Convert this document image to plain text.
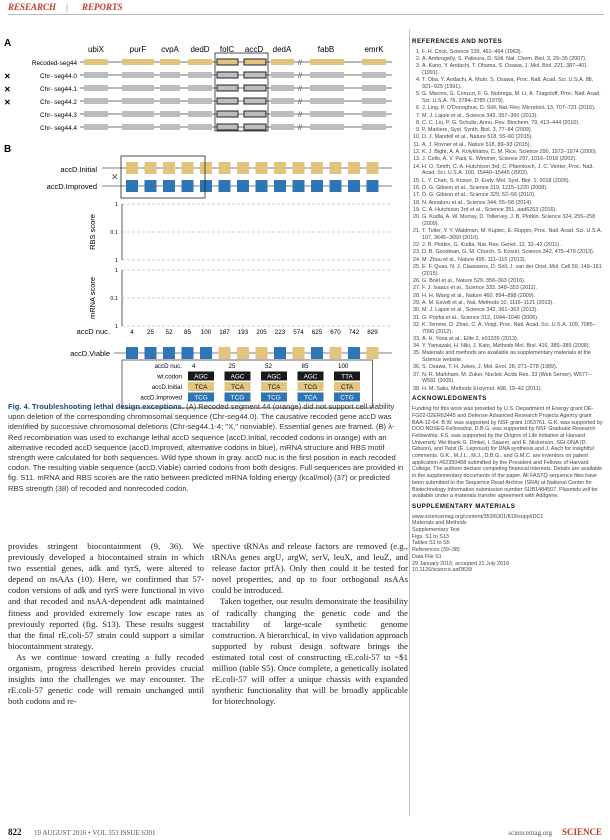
RESEARCH | REPORTS
A
ubiX	purF cvpA dedD folC accD dedA	fabB	emrK
Recoded-seg44	//
Chr- seg44.0
✕	//
Chr- seg44.1
✕	//
Chr- seg44.2
✕	//
Chr- seg44.3	//
Chr- seg44.4	//
B
accD.Initial
accD.Improved
✕
RBS score
1
0.1
1
mRNA score
1
0.1
1
accD nuc.	4 25 52 85 100 187 193 205 223 574 625 670 742 829
accD.Viable
accD nuc. 4	25	52	85	100
wt.codon AGC	AGC	AGC	AGC	TTA
accD.Initial TCA	TCA	TCA	TCG	CTA
accD.Improved TCG	TCG	TCG	TCA	CTG
Fig. 4. Troubleshooting lethal design exceptions. (A) Recoded segment 44 (orange) did not support cell viability upon deletion of the corresponding chromosomal sequence (Chr-seg44.0). The causative recoded gene accD was identified by successive chromosomal deletions (Chr-seg44.1-4; "X," nonviable). Essential genes are framed. (B) λ-Red recombination was used to exchange lethal accD sequence (accD.Initial, recoded codons in orange) with an alternative recoded accD sequence (accD.Improved, alternative codons in blue), mRNA structure and RBS motif strength were calculated for both sequences. Wild type shown in gray. accD nuc is the first position in each recoded codon. The resulting viable sequence (accD.Viable) carried codons from both designs. Full sequences are provided in fig. S11. mRNA and RBS scores are the ratio between predicted mRNA folding energy (kcal/mol) (37) or predicted RBS strength (38) of recoded and nonrecoded codon.

provides stringent biocontainment (9, 36). We previously developed a biocontained strain in which two essential genes, adk and tyrS, were altered to depend on nsAAs (10). Here, we confirmed that 57-codon versions of adk and tyrS were functional in vivo and that recoded and nsAA-dependent adk maintained fitness and provided extremely low escape rates as previously reported (fig. S13). These results suggest that the final rE.coli-57 strain could support a similar biocontainment strategy.

As we continue toward creating a fully recoded organism, progress described herein provides crucial insights into the challenges we may encounter. The rE.coli-57 genetic code will remain unchanged until both codons and re-

spective tRNAs and release factors are removed (e.g., tRNAs genes argU, argW, serV, leuX, and leuZ, and release factor prfA). Only then could it be tested for novel properties, and up to four orthogonal nsAAs could be introduced.

Taken together, our results demonstrate the feasibility of radically changing the genetic code and the tractability of large-scale synthetic genome construction. A hierarchical, in vivo validation approach supported by robust design software brings the estimated total cost of constructing rE.coli-57 to ~$1 million (table S5). Once complete, a genetically isolated rE.coli-57 will offer a unique chassis with expanded synthetic functionality that will be broadly applicable for biotechnology.

REFERENCES AND NOTES
1. F. H. Crick, Science 139, 461–464 (1963).
2. A. Ambrogelly, S. Palioura, D. Söll, Nat. Chem. Biol. 3, 29–35 (2007).
3. A. Kano, Y. Andachi, T. Ohama, S. Osawa, J. Mol. Biol. 221, 387–401 (1991).
4. T. Oba, Y. Andachi, A. Muto, S. Osawa, Proc. Natl. Acad. Sci. U.S.A. 88, 921–925 (1991).
5. G. Macino, G. Coruzzi, F. G. Nobrega, M. Li, A. Tzagoloff, Proc. Natl. Acad. Sci. U.S.A. 76, 3784–3785 (1979).
6. J. Ling, P. O'Donoghue, D. Söll, Nat. Rev. Microbiol. 13, 707–721 (2015).
7. M. J. Lajoie et al., Science 342, 357–360 (2013).
8. C. C. Liu, P. G. Schultz, Annu. Rev. Biochem. 79, 413–444 (2010).
9. P. Marliere, Syst. Synth. Biol. 3, 77–84 (2009).
10. D. J. Mandell et al., Nature 518, 55–60 (2015).
11. A. J. Rovner et al., Nature 518, 89–93 (2015).
12. K. J. Bight, A. A. Kolykhalov, C. M. Rice, Science 290, 1972–1974 (2000).
13. J. Cello, A. V. Paul, E. Wimmer, Science 297, 1016–1018 (2002).
14. H. O. Smith, C. A. Hutchison 3rd, C. Pfannkoch, J. C. Venter, Proc. Natl. Acad. Sci. U.S.A. 100, 15440–15445 (2003).
15. L. Y. Chan, S. Kosuri, D. Endy, Mol. Syst. Biol. 1, 0018 (2005).
16. D. G. Gibson et al., Science 319, 1215–1220 (2008).
17. D. G. Gibson et al., Science 329, 52–56 (2010).
18. N. Annaluru et al., Science 344, 55–58 (2014).
19. C. A. Hutchison 3rd et al., Science 351, aad6253 (2016).
20. G. Kudla, A. W. Murray, D. Tollervey, J. B. Plotkin, Science 324, 255–258 (2009).
21. T. Tuller, Y. Y. Waldman, M. Kupiec, E. Ruppin, Proc. Natl. Acad. Sci. U.S.A. 107, 3645–3650 (2010).
22. J. B. Plotkin, G. Kudla, Nat. Rev. Genet. 12, 32–42 (2011).
23. D. B. Goodman, G. M. Church, S. Kosuri, Science 342, 475–479 (2013).
24. M. Zhou et al., Nature 495, 111–115 (2013).
25. E. F. Quax, N. J. Claassens, D. Söll, J. van der Oost, Mol. Cell 59, 149–161 (2015).
26. G. Boël et al., Nature 529, 358–363 (2016).
27. F. J. Isaacs et al., Science 333, 348–353 (2011).
28. H. H. Wang et al., Nature 460, 894–898 (2009).
29. A. M. Esvelt et al., Nat. Methods 10, 1116–1121 (2013).
30. M. J. Lajoie et al., Science 342, 361–363 (2013).
31. G. Pósfai et al., Science 312, 1044–1046 (2006).
32. K. Temme, D. Zhao, C. A. Voigt, Proc. Natl. Acad. Sci. U.S.A. 109, 7085–7090 (2012).
33. A. H. Yona et al., Elife 2, e01339 (2013).
34. Y. Yamazaki, H. Niki, J. Kato, Methods Mol. Biol. 416, 385–389 (2008).
35. Materials and methods are available as supplementary materials at the Science website.
36. S. Osawa, T. H. Jukes, J. Mol. Evol. 28, 271–278 (1989).
37. N. R. Markham, M. Zuker, Nucleic Acids Res. 33 (Web Server), W577–W581 (2005).
38. H. M. Salis, Methods Enzymol. 498, 19–42 (2011).
ACKNOWLEDGMENTS

Funding for this work was provided by U.S. Department of Energy grant DE-FG02-02ER63445 and Defense Advanced Research Projects Agency grant BAA-12-64. B.W. was supported by NSF grant 1063761. G.K. was supported by DOD NDSEG Fellowship. D.B.G. was supported by NSF Graduate Research Fellowship. F.S. was supported by the Origins of Life Initiative at Harvard University. We thank G. Dinkel, I. Saaem, and E. Nickerson, SGI-DNA (D. Gibson), and Twist (E. Leproust) for DNA synthesis and J. Aach for insightful comments. G.K., M.J.L., M.J., D.B.G., and G.M.C. are inventors on patent application #62350468 submitted by the President and Fellows of Harvard College. The authors declare competing financial interests. Details are available in the supplementary documents of the paper. All FASTQ sequence files have been submitted to the Sequence Read Archive (SRA) at National Center for Biotechnology Information submission number SUB1484507. Plasmids will be available under a materials transfer agreement with Addgene.

SUPPLEMENTARY MATERIALS
www.sciencemag.org/content/353/6301/819/suppl/DC1
Materials and Methods
Supplementary Text
Figs. S1 to S13
Tables S1 to S5
References (39–38)
Data File S1
29 January 2016; accepted 21 July 2016
10.1126/science.aaf3639
822 19 AUGUST 2016 • VOL 353 ISSUE 6301	sciencemag.org SCIENCE
